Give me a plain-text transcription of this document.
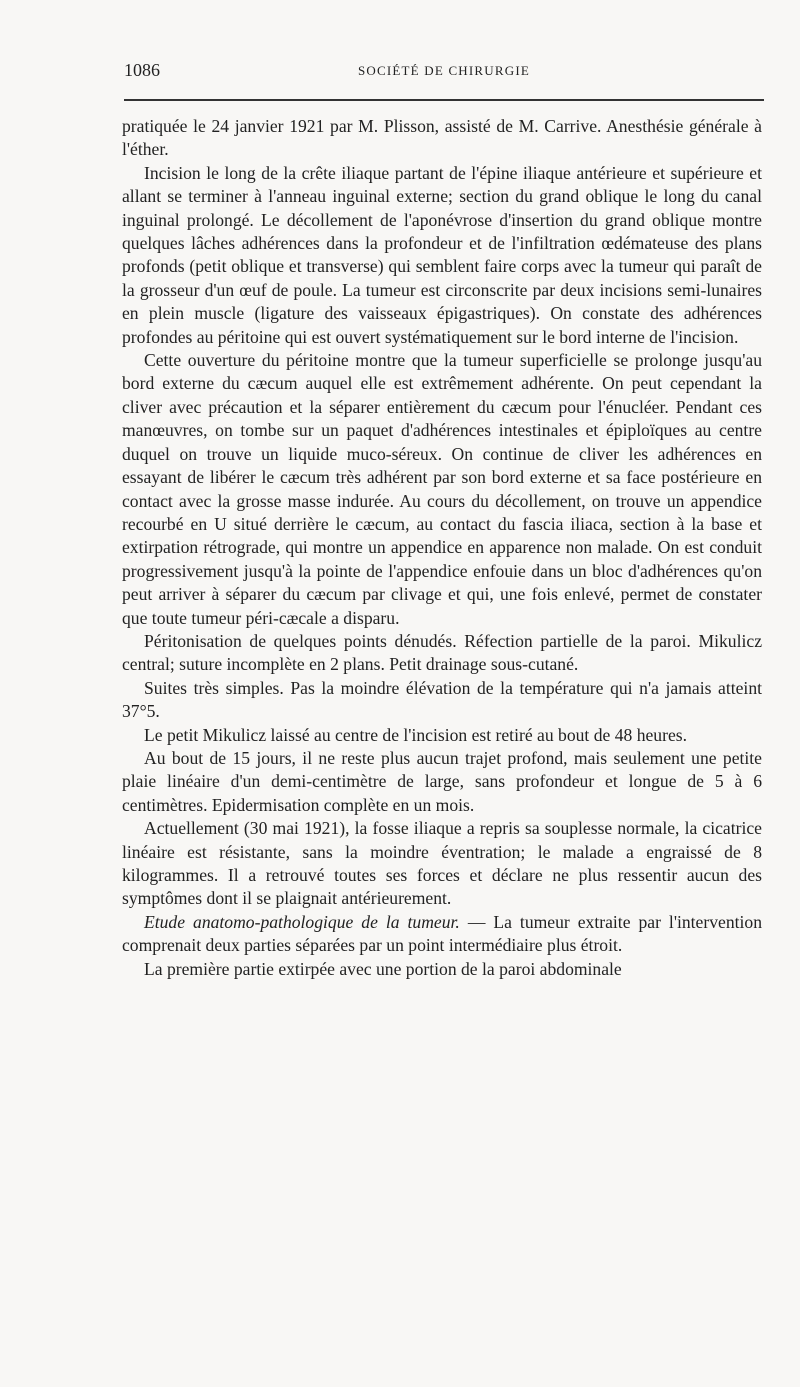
1086	SOCIÉTÉ DE CHIRURGIE

pratiquée le 24 janvier 1921 par M. Plisson, assisté de M. Carrive. Anesthésie générale à l'éther.

Incision le long de la crête iliaque partant de l'épine iliaque antérieure et supérieure et allant se terminer à l'anneau inguinal externe; section du grand oblique le long du canal inguinal prolongé. Le décollement de l'aponévrose d'insertion du grand oblique montre quelques lâches adhérences dans la profondeur et de l'infiltration œdémateuse des plans profonds (petit oblique et transverse) qui semblent faire corps avec la tumeur qui paraît de la grosseur d'un œuf de poule. La tumeur est circonscrite par deux incisions semi-lunaires en plein muscle (ligature des vaisseaux épigastriques). On constate des adhérences profondes au péritoine qui est ouvert systématiquement sur le bord interne de l'incision.

Cette ouverture du péritoine montre que la tumeur superficielle se prolonge jusqu'au bord externe du cæcum auquel elle est extrêmement adhérente. On peut cependant la cliver avec précaution et la séparer entièrement du cæcum pour l'énucléer. Pendant ces manœuvres, on tombe sur un paquet d'adhérences intestinales et épiploïques au centre duquel on trouve un liquide muco-séreux. On continue de cliver les adhérences en essayant de libérer le cæcum très adhérent par son bord externe et sa face postérieure en contact avec la grosse masse indurée. Au cours du décollement, on trouve un appendice recourbé en U situé derrière le cæcum, au contact du fascia iliaca, section à la base et extirpation rétrograde, qui montre un appendice en apparence non malade. On est conduit progressivement jusqu'à la pointe de l'appendice enfouie dans un bloc d'adhérences qu'on peut arriver à séparer du cæcum par clivage et qui, une fois enlevé, permet de constater que toute tumeur péri-cæcale a disparu.

Péritonisation de quelques points dénudés. Réfection partielle de la paroi. Mikulicz central; suture incomplète en 2 plans. Petit drainage sous-cutané.

Suites très simples. Pas la moindre élévation de la température qui n'a jamais atteint 37°5.

Le petit Mikulicz laissé au centre de l'incision est retiré au bout de 48 heures.

Au bout de 15 jours, il ne reste plus aucun trajet profond, mais seulement une petite plaie linéaire d'un demi-centimètre de large, sans profondeur et longue de 5 à 6 centimètres. Epidermisation complète en un mois.

Actuellement (30 mai 1921), la fosse iliaque a repris sa souplesse normale, la cicatrice linéaire est résistante, sans la moindre éventration; le malade a engraissé de 8 kilogrammes. Il a retrouvé toutes ses forces et déclare ne plus ressentir aucun des symptômes dont il se plaignait antérieurement.

Etude anatomo-pathologique de la tumeur. — La tumeur extraite par l'intervention comprenait deux parties séparées par un point intermédiaire plus étroit.

La première partie extirpée avec une portion de la paroi abdominale
